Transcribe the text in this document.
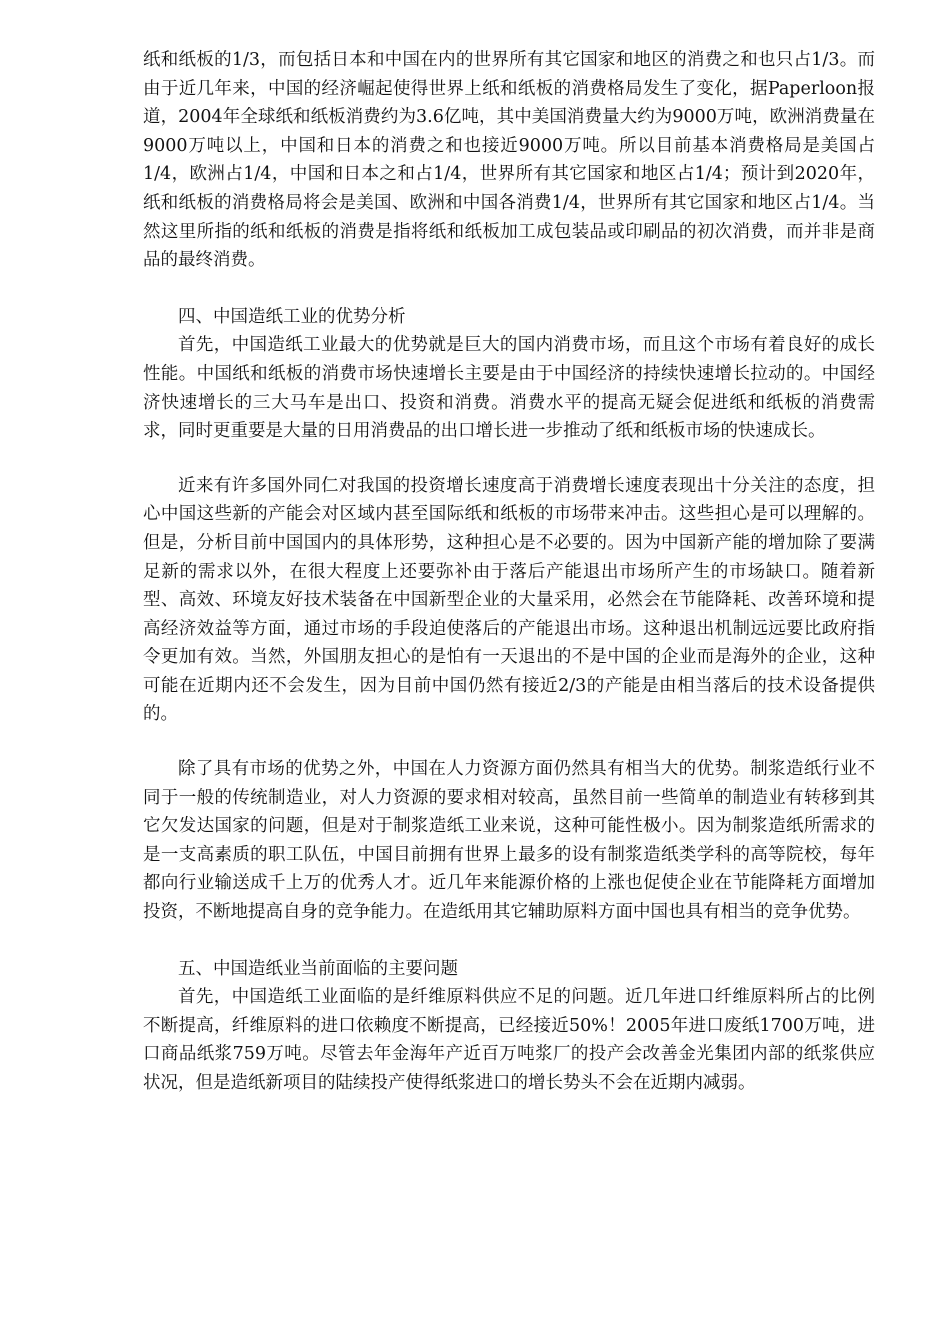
纸和纸板的1/3，而包括日本和中国在内的世界所有其它国家和地区的消费之和也只占1/3。而由于近几年来，中国的经济崛起使得世界上纸和纸板的消费格局发生了变化，据Paperloon报道，2004年全球纸和纸板消费约为3.6亿吨，其中美国消费量大约为9000万吨，欧洲消费量在9000万吨以上，中国和日本的消费之和也接近9000万吨。所以目前基本消费格局是美国占1/4，欧洲占1/4，中国和日本之和占1/4，世界所有其它国家和地区占1/4；预计到2020年，纸和纸板的消费格局将会是美国、欧洲和中国各消费1/4，世界所有其它国家和地区占1/4。当然这里所指的纸和纸板的消费是指将纸和纸板加工成包装品或印刷品的初次消费，而并非是商品的最终消费。

四、中国造纸工业的优势分析

首先，中国造纸工业最大的优势就是巨大的国内消费市场，而且这个市场有着良好的成长性能。中国纸和纸板的消费市场快速增长主要是由于中国经济的持续快速增长拉动的。中国经济快速增长的三大马车是出口、投资和消费。消费水平的提高无疑会促进纸和纸板的消费需求，同时更重要是大量的日用消费品的出口增长进一步推动了纸和纸板市场的快速成长。

近来有许多国外同仁对我国的投资增长速度高于消费增长速度表现出十分关注的态度，担心中国这些新的产能会对区域内甚至国际纸和纸板的市场带来冲击。这些担心是可以理解的。但是，分析目前中国国内的具体形势，这种担心是不必要的。因为中国新产能的增加除了要满足新的需求以外，在很大程度上还要弥补由于落后产能退出市场所产生的市场缺口。随着新型、高效、环境友好技术装备在中国新型企业的大量采用，必然会在节能降耗、改善环境和提高经济效益等方面，通过市场的手段迫使落后的产能退出市场。这种退出机制远远要比政府指令更加有效。当然，外国朋友担心的是怕有一天退出的不是中国的企业而是海外的企业，这种可能在近期内还不会发生，因为目前中国仍然有接近2/3的产能是由相当落后的技术设备提供的。

除了具有市场的优势之外，中国在人力资源方面仍然具有相当大的优势。制浆造纸行业不同于一般的传统制造业，对人力资源的要求相对较高，虽然目前一些简单的制造业有转移到其它欠发达国家的问题，但是对于制浆造纸工业来说，这种可能性极小。因为制浆造纸所需求的是一支高素质的职工队伍，中国目前拥有世界上最多的设有制浆造纸类学科的高等院校，每年都向行业输送成千上万的优秀人才。近几年来能源价格的上涨也促使企业在节能降耗方面增加投资，不断地提高自身的竞争能力。在造纸用其它辅助原料方面中国也具有相当的竞争优势。

五、中国造纸业当前面临的主要问题

首先，中国造纸工业面临的是纤维原料供应不足的问题。近几年进口纤维原料所占的比例不断提高，纤维原料的进口依赖度不断提高，已经接近50%！2005年进口废纸1700万吨，进口商品纸浆759万吨。尽管去年金海年产近百万吨浆厂的投产会改善金光集团内部的纸浆供应状况，但是造纸新项目的陆续投产使得纸浆进口的增长势头不会在近期内减弱。
